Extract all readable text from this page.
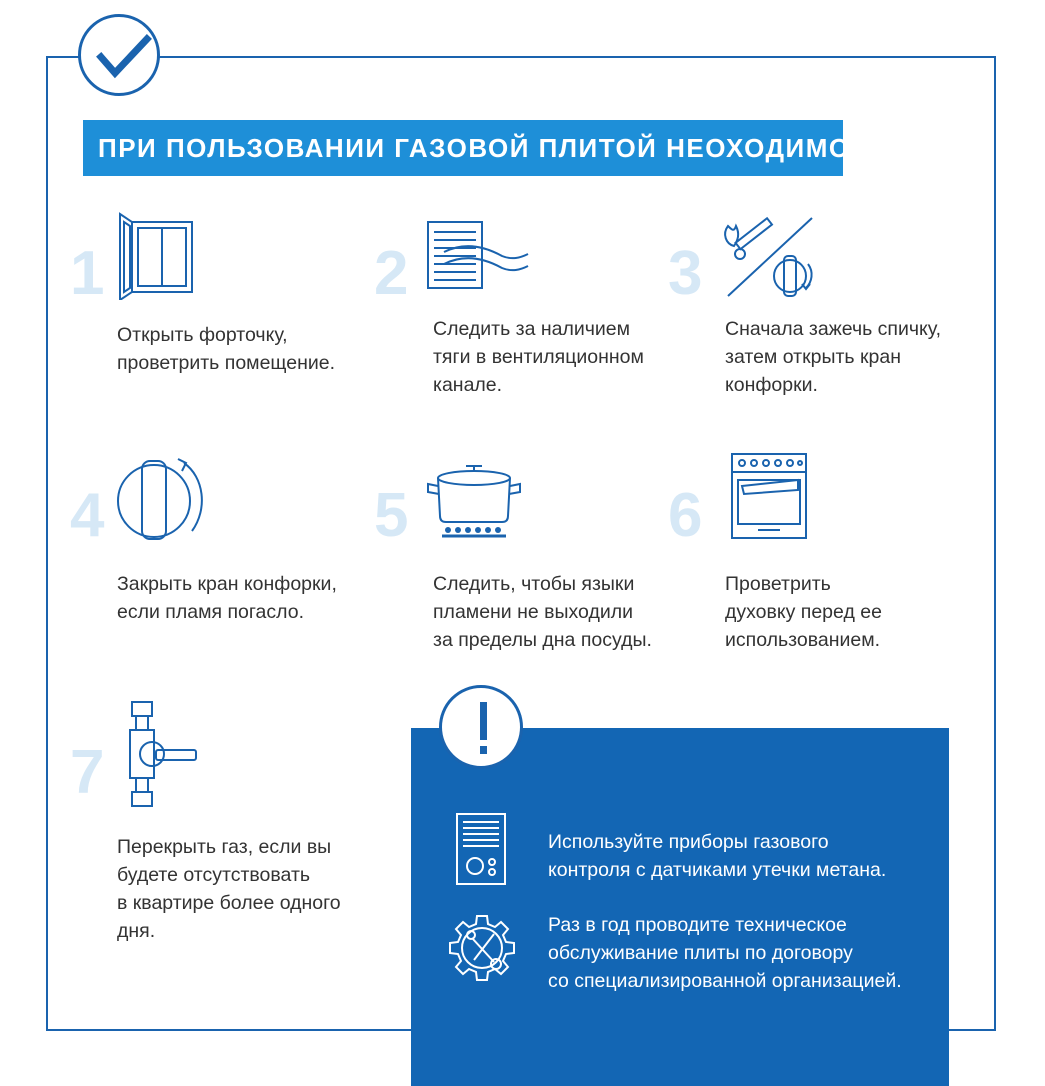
ПРИ ПОЛЬЗОВАНИИ ГАЗОВОЙ ПЛИТОЙ НЕОХОДИМО:
1
Открыть форточку,
проветрить помещение.
2
Следить за наличием
тяги в вентиляционном
канале.
3
Сначала зажечь спичку,
затем открыть кран
конфорки.
4
Закрыть кран конфорки,
если пламя погасло.
5
Следить, чтобы языки
пламени не выходили
за пределы дна посуды.
6
Проветрить
духовку перед ее
использованием.
7
Перекрыть газ, если вы
будете отсутствовать
в квартире более одного
дня.
Используйте приборы газового
контроля с датчиками утечки метана.
Раз в год проводите техническое
обслуживание плиты по договору
со специализированной организацией.
